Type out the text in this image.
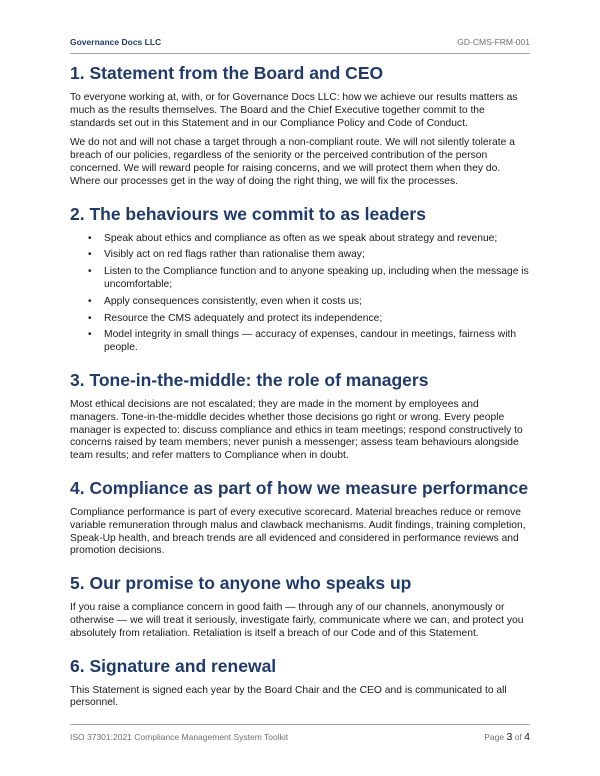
Governance Docs LLC	GD-CMS-FRM-001
1. Statement from the Board and CEO

To everyone working at, with, or for Governance Docs LLC: how we achieve our results matters as much as the results themselves. The Board and the Chief Executive together commit to the standards set out in this Statement and in our Compliance Policy and Code of Conduct.

We do not and will not chase a target through a non-compliant route. We will not silently tolerate a breach of our policies, regardless of the seniority or the perceived contribution of the person concerned. We will reward people for raising concerns, and we will protect them when they do. Where our processes get in the way of doing the right thing, we will fix the processes.

2. The behaviours we commit to as leaders
• Speak about ethics and compliance as often as we speak about strategy and revenue;
• Visibly act on red flags rather than rationalise them away;
• Listen to the Compliance function and to anyone speaking up, including when the message is uncomfortable;
• Apply consequences consistently, even when it costs us;
• Resource the CMS adequately and protect its independence;
• Model integrity in small things — accuracy of expenses, candour in meetings, fairness with people.
3. Tone-in-the-middle: the role of managers

Most ethical decisions are not escalated; they are made in the moment by employees and managers. Tone-in-the-middle decides whether those decisions go right or wrong. Every people manager is expected to: discuss compliance and ethics in team meetings; respond constructively to concerns raised by team members; never punish a messenger; assess team behaviours alongside team results; and refer matters to Compliance when in doubt.

4. Compliance as part of how we measure performance

Compliance performance is part of every executive scorecard. Material breaches reduce or remove variable remuneration through malus and clawback mechanisms. Audit findings, training completion, Speak-Up health, and breach trends are all evidenced and considered in performance reviews and promotion decisions.

5. Our promise to anyone who speaks up

If you raise a compliance concern in good faith — through any of our channels, anonymously or otherwise — we will treat it seriously, investigate fairly, communicate where we can, and protect you absolutely from retaliation. Retaliation is itself a breach of our Code and of this Statement.

6. Signature and renewal

This Statement is signed each year by the Board Chair and the CEO and is communicated to all personnel.

ISO 37301:2021 Compliance Management System Toolkit	Page 3 of 4
